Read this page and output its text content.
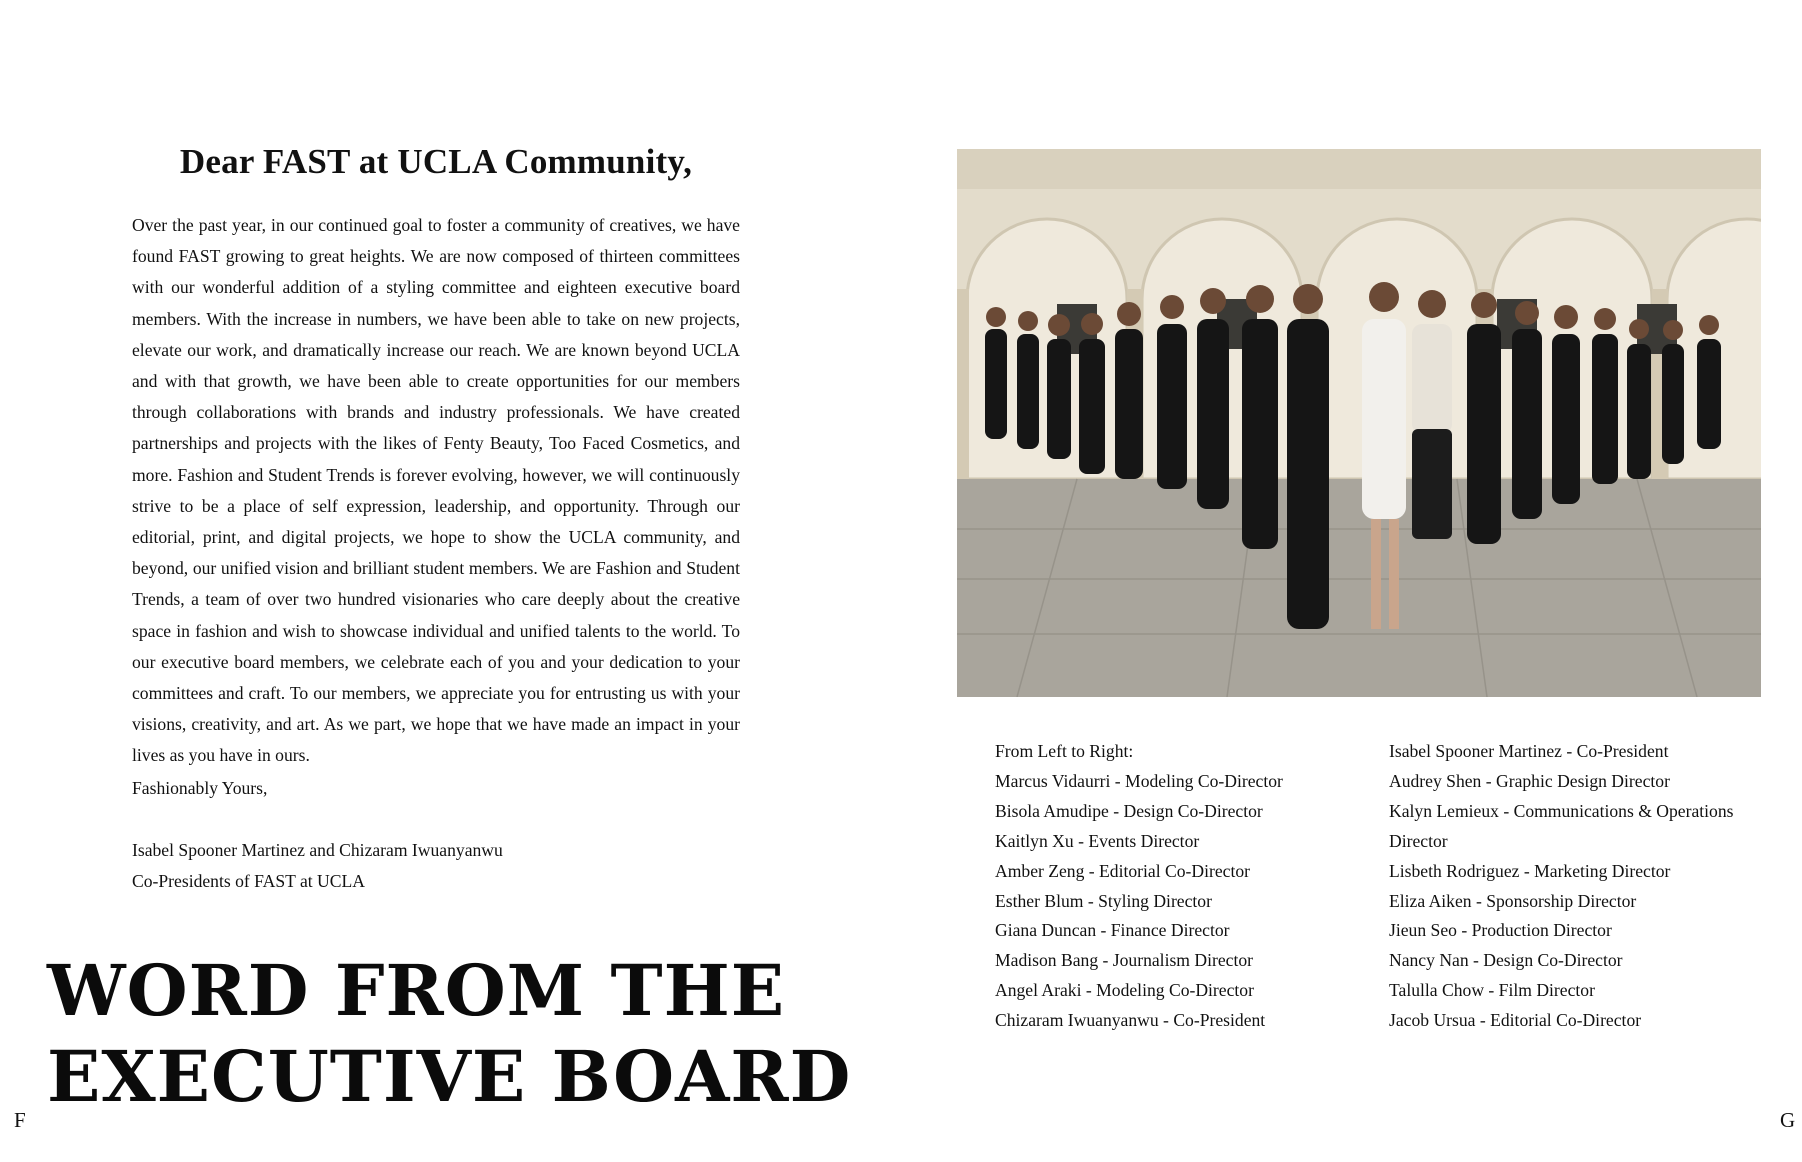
Dear FAST at UCLA Community,

Over the past year, in our continued goal to foster a community of creatives, we have found FAST growing to great heights. We are now composed of thirteen committees with our wonderful addition of a styling committee and eighteen executive board members. With the increase in numbers, we have been able to take on new projects, elevate our work, and dramatically increase our reach. We are known beyond UCLA and with that growth, we have been able to create opportunities for our members through collaborations with brands and industry professionals. We have created partnerships and projects with the likes of Fenty Beauty, Too Faced Cosmetics, and more. Fashion and Student Trends is forever evolving, however, we will continuously strive to be a place of self expression, leadership, and opportunity. Through our editorial, print, and digital projects, we hope to show the UCLA community, and beyond, our unified vision and brilliant student members. We are Fashion and Student Trends, a team of over two hundred visionaries who care deeply about the creative space in fashion and wish to showcase individual and unified talents to the world. To our executive board members, we celebrate each of you and your dedication to your committees and craft. To our members, we appreciate you for entrusting us with your visions, creativity, and art. As we part, we hope that we have made an impact in your lives as you have in ours.

Fashionably Yours,

Isabel Spooner Martinez and Chizaram Iwuanyanwu

Co-Presidents of FAST at UCLA

WORD FROM THE
EXECUTIVE BOARD
F	G
From Left to Right:
Marcus Vidaurri - Modeling Co-Director
Bisola Amudipe - Design Co-Director
Kaitlyn Xu - Events Director
Amber Zeng - Editorial Co-Director
Esther Blum - Styling Director
Giana Duncan - Finance Director
Madison Bang - Journalism Director
Angel Araki - Modeling Co-Director
Chizaram Iwuanyanwu - Co-President
Isabel Spooner Martinez - Co-President
Audrey Shen - Graphic Design Director
Kalyn Lemieux - Communications & Operations Director
Lisbeth Rodriguez - Marketing Director
Eliza Aiken - Sponsorship Director
Jieun Seo - Production Director
Nancy Nan - Design Co-Director
Talulla Chow - Film Director
Jacob Ursua - Editorial Co-Director
